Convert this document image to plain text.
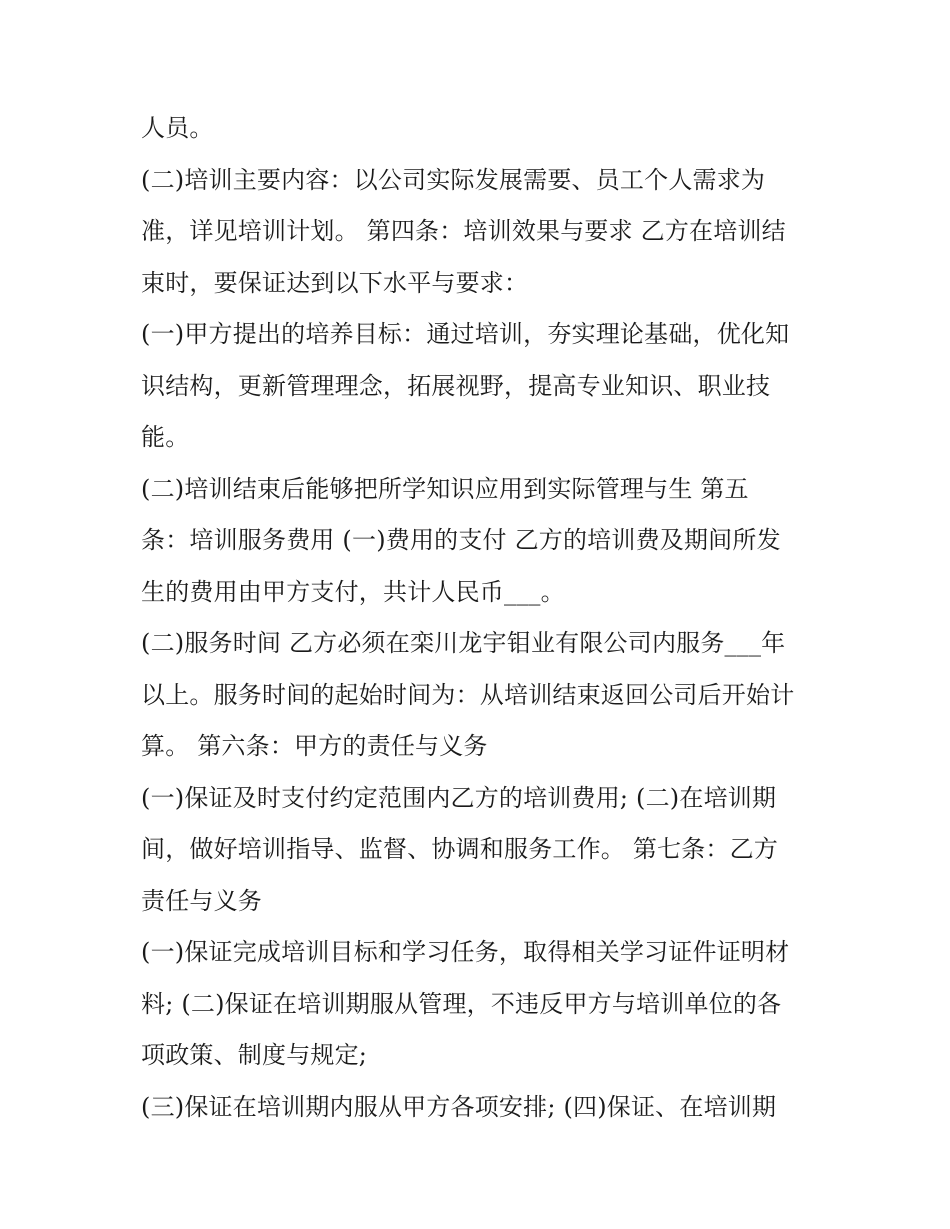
人员。
(二)培训主要内容：以公司实际发展需要、员工个人需求为
准，详见培训计划。 第四条：培训效果与要求 乙方在培训结
束时，要保证达到以下水平与要求：
(一)甲方提出的培养目标：通过培训，夯实理论基础，优化知
识结构，更新管理理念，拓展视野，提高专业知识、职业技
能。
(二)培训结束后能够把所学知识应用到实际管理与生 第五
条：培训服务费用 (一)费用的支付 乙方的培训费及期间所发
生的费用由甲方支付，共计人民币___。
(二)服务时间 乙方必须在栾川龙宇钼业有限公司内服务___年
以上。服务时间的起始时间为：从培训结束返回公司后开始计
算。 第六条：甲方的责任与义务
(一)保证及时支付约定范围内乙方的培训费用; (二)在培训期
间，做好培训指导、监督、协调和服务工作。 第七条：乙方
责任与义务
(一)保证完成培训目标和学习任务，取得相关学习证件证明材
料; (二)保证在培训期服从管理，不违反甲方与培训单位的各
项政策、制度与规定;
(三)保证在培训期内服从甲方各项安排; (四)保证、在培训期
